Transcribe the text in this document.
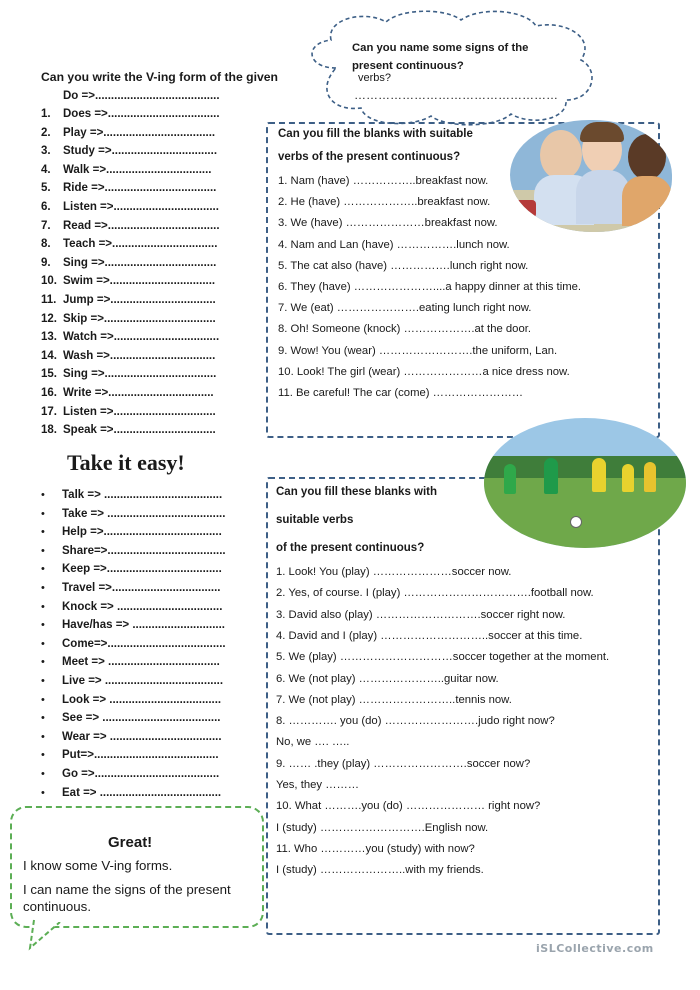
Can you write the V-ing form of the given
Do =>.......................................
1. Does =>...................................
2. Play =>...................................
3. Study =>.................................
4. Walk =>.................................
5. Ride =>...................................
6. Listen =>.................................
7. Read =>...................................
8. Teach =>.................................
9. Sing =>...................................
10. Swim =>.................................
11. Jump =>.................................
12. Skip =>...................................
13. Watch =>.................................
14. Wash =>.................................
15. Sing =>...................................
16. Write =>.................................
17. Listen =>................................
18. Speak =>................................
Take it easy!
• Talk => .....................................
• Take => .....................................
• Help =>.....................................
• Share=>.....................................
• Keep =>....................................
• Travel =>..................................
• Knock => .................................
• Have/has => .............................
• Come=>.....................................
• Meet => ...................................
• Live => .....................................
• Look => ...................................
• See => .....................................
• Wear => ...................................
• Put=>.......................................
• Go =>.......................................
• Eat => ......................................
Can you name some signs of the
present continuous?
verbs?
……………………………………………
Can you fill the blanks with suitable
verbs of the present continuous?
1. Nam (have) ……………..breakfast now.
2. He (have) ………………..breakfast now.
3. We (have) …………………breakfast now.
4. Nam and Lan (have) …………….lunch now.
5. The cat also (have) …………….lunch right now.
6. They (have) …………………....a happy dinner at this time.
7. We (eat) ………………….eating lunch right now.
8. Oh! Someone (knock) ……………….at the door.
9. Wow! You (wear) …………………….the uniform, Lan.
10. Look! The girl (wear) …………………a nice dress now.
11. Be careful! The car (come) ……………………
Can you fill these blanks with
suitable verbs
of the present continuous?
1. Look! You (play) …………………soccer now.
2. Yes, of course. I (play) …………………………….football now.
3. David also (play) ……………………….soccer right now.
4. David and I (play) ………………………..soccer at this time.
5. We (play) …………………………soccer together at the moment.
6. We (not play) …………………..guitar now.
7. We (not play) ……………………..tennis now.
8. …………. you (do) …………………….judo right now?
No, we …. …..
9. …… .they (play) …………………….soccer now?
Yes, they ………
10. What ……….you (do) ………………… right now?
I (study) ……………………….English now.
11. Who …………you (study) with now?
I (study) …………………..with my friends.
Great!
I know some V-ing forms.
I can name the signs of the present
continuous.
iSLCollective.com
